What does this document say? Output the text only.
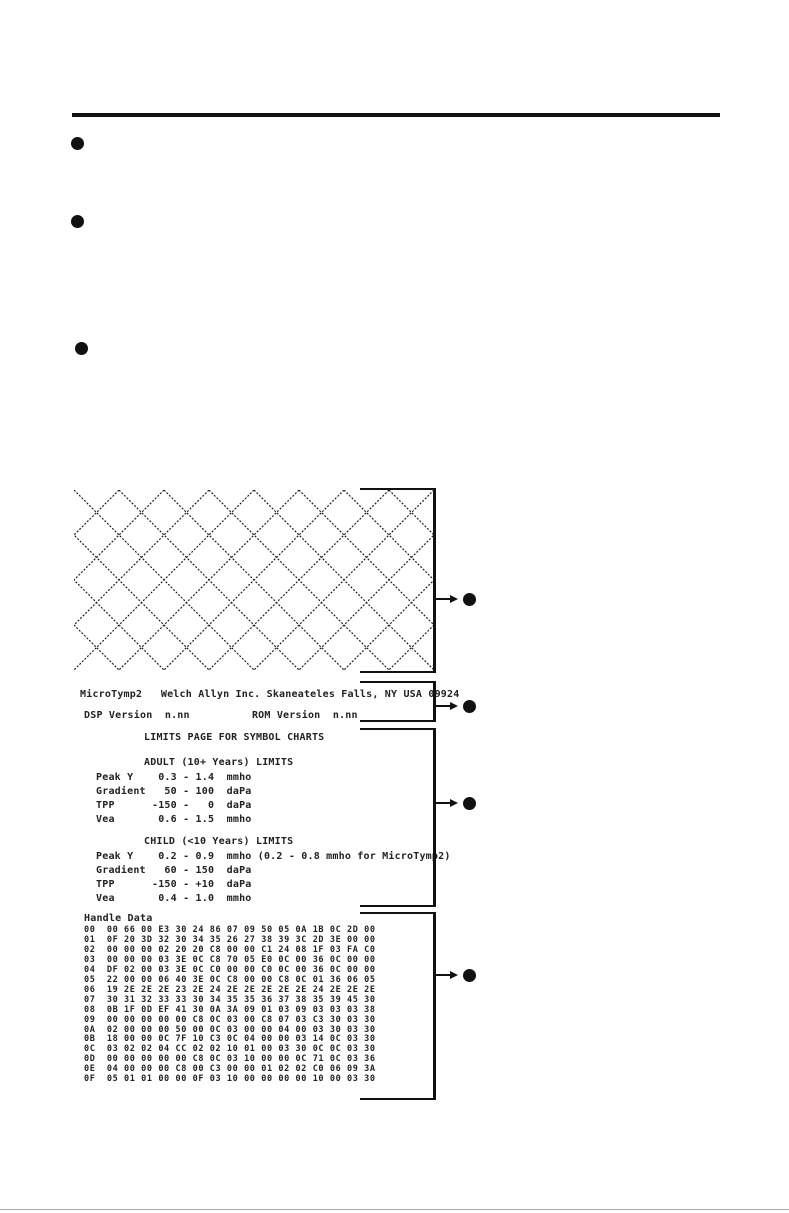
MicroTymp2   Welch Allyn Inc. Skaneateles Falls, NY USA 09924
DSP Version  n.nn          ROM Version  n.nn
LIMITS PAGE FOR SYMBOL CHARTS
ADULT (10+ Years) LIMITS
Peak Y    0.3 - 1.4  mmho
Gradient   50 - 100  daPa
TPP      -150 -   0  daPa
Vea       0.6 - 1.5  mmho
CHILD (<10 Years) LIMITS
Peak Y    0.2 - 0.9  mmho (0.2 - 0.8 mmho for MicroTymp2)
Gradient   60 - 150  daPa
TPP      -150 - +10  daPa
Vea       0.4 - 1.0  mmho
Handle Data
00  00 66 00 E3 30 24 86 07 09 50 05 0A 1B 0C 2D 00
01  0F 20 3D 32 30 34 35 26 27 38 39 3C 2D 3E 00 00
02  00 00 00 02 20 20 C8 00 00 C1 24 08 1F 03 FA C0
03  00 00 00 03 3E 0C C8 70 05 E0 0C 00 36 0C 00 00
04  DF 02 00 03 3E 0C C0 00 00 C0 0C 00 36 0C 00 00
05  22 00 00 06 40 3E 0C C8 00 00 C8 0C 01 36 06 05
06  19 2E 2E 2E 23 2E 24 2E 2E 2E 2E 2E 24 2E 2E 2E
07  30 31 32 33 33 30 34 35 35 36 37 38 35 39 45 30
08  0B 1F 0D EF 41 30 0A 3A 09 01 03 09 03 03 03 38
09  00 00 00 00 00 C8 0C 03 00 C8 07 03 C3 30 03 30
0A  02 00 00 00 50 00 0C 03 00 00 04 00 03 30 03 30
0B  18 00 00 0C 7F 10 C3 0C 04 00 00 03 14 0C 03 30
0C  03 02 02 04 CC 02 02 10 01 00 03 30 0C 0C 03 30
0D  00 00 00 00 00 C8 0C 03 10 00 00 0C 71 0C 03 36
0E  04 00 00 00 C8 00 C3 00 00 01 02 02 C0 06 09 3A
0F  05 01 01 00 00 0F 03 10 00 00 00 00 10 00 03 30
